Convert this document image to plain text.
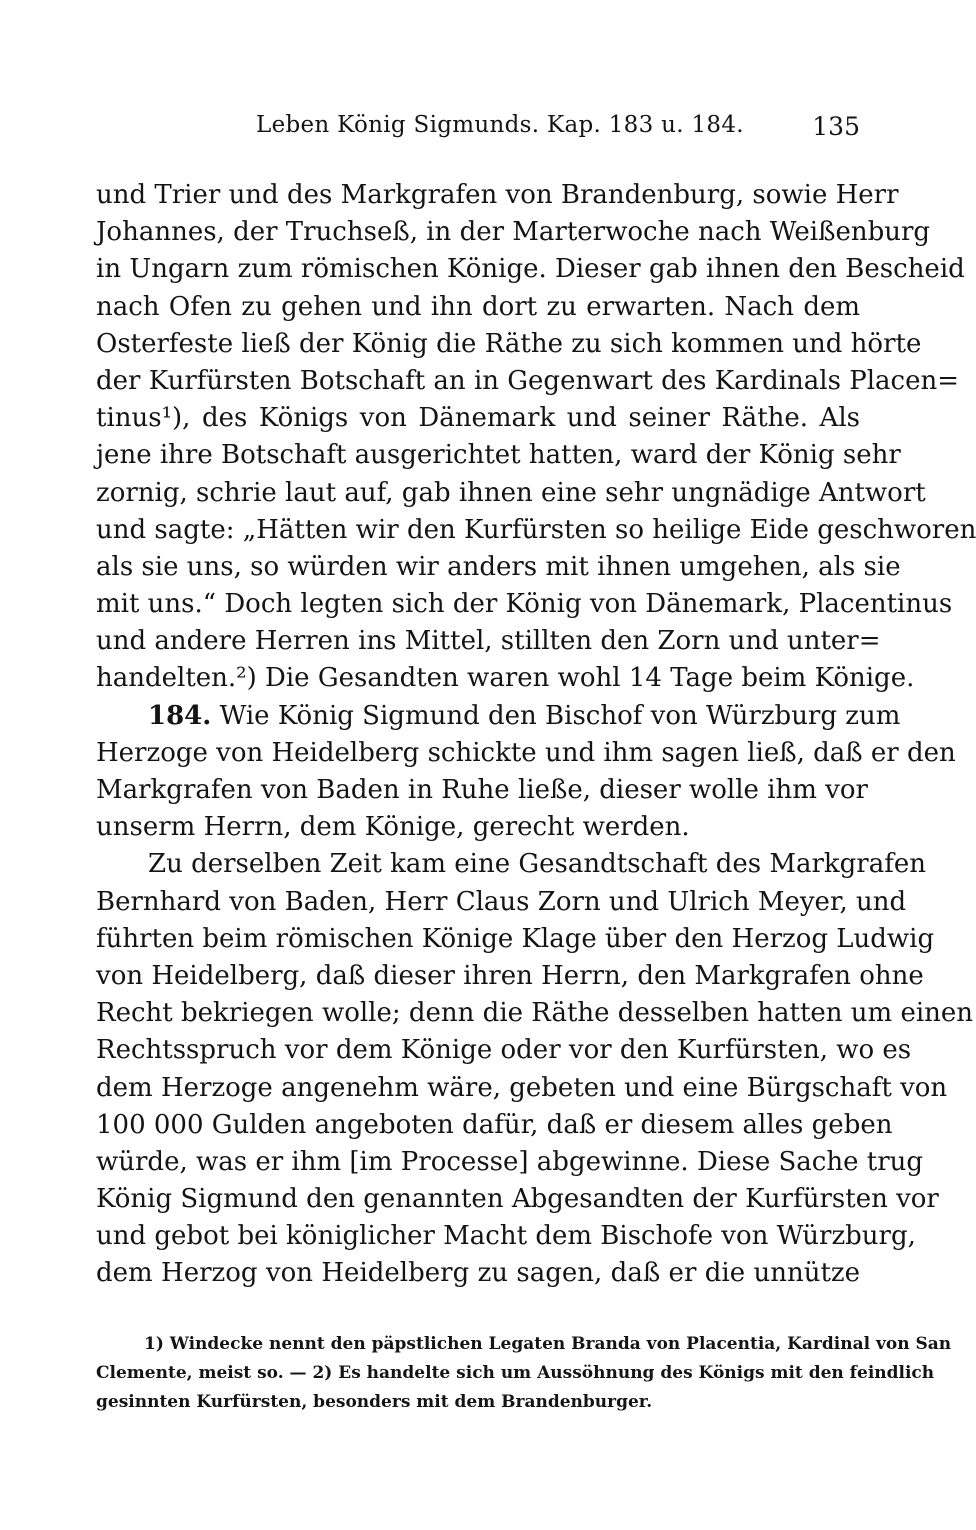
Leben König Sigmunds. Kap. 183 u. 184.	135
und Trier und des Markgrafen von Brandenburg, sowie Herr
Johannes, der Truchseß, in der Marterwoche nach Weißenburg
in Ungarn zum römischen Könige. Dieser gab ihnen den Bescheid
nach Ofen zu gehen und ihn dort zu erwarten. Nach dem
Osterfeste ließ der König die Räthe zu sich kommen und hörte
der Kurfürsten Botschaft an in Gegenwart des Kardinals Placen=
tinus¹), des Königs von Dänemark und seiner Räthe. Als
jene ihre Botschaft ausgerichtet hatten, ward der König sehr
zornig, schrie laut auf, gab ihnen eine sehr ungnädige Antwort
und sagte: „Hätten wir den Kurfürsten so heilige Eide geschworen
als sie uns, so würden wir anders mit ihnen umgehen, als sie
mit uns.“ Doch legten sich der König von Dänemark, Placentinus
und andere Herren ins Mittel, stillten den Zorn und unter=
handelten.²) Die Gesandten waren wohl 14 Tage beim Könige.
184. Wie König Sigmund den Bischof von Würzburg zum
Herzoge von Heidelberg schickte und ihm sagen ließ, daß er den
Markgrafen von Baden in Ruhe ließe, dieser wolle ihm vor
unserm Herrn, dem Könige, gerecht werden.
Zu derselben Zeit kam eine Gesandtschaft des Markgrafen
Bernhard von Baden, Herr Claus Zorn und Ulrich Meyer, und
führten beim römischen Könige Klage über den Herzog Ludwig
von Heidelberg, daß dieser ihren Herrn, den Markgrafen ohne
Recht bekriegen wolle; denn die Räthe desselben hatten um einen
Rechtsspruch vor dem Könige oder vor den Kurfürsten, wo es
dem Herzoge angenehm wäre, gebeten und eine Bürgschaft von
100 000 Gulden angeboten dafür, daß er diesem alles geben
würde, was er ihm [im Processe] abgewinne. Diese Sache trug
König Sigmund den genannten Abgesandten der Kurfürsten vor
und gebot bei königlicher Macht dem Bischofe von Würzburg,
dem Herzog von Heidelberg zu sagen, daß er die unnütze
1) Windecke nennt den päpstlichen Legaten Branda von Placentia, Kardinal von San
Clemente, meist so. — 2) Es handelte sich um Aussöhnung des Königs mit den feindlich
gesinnten Kurfürsten, besonders mit dem Brandenburger.
